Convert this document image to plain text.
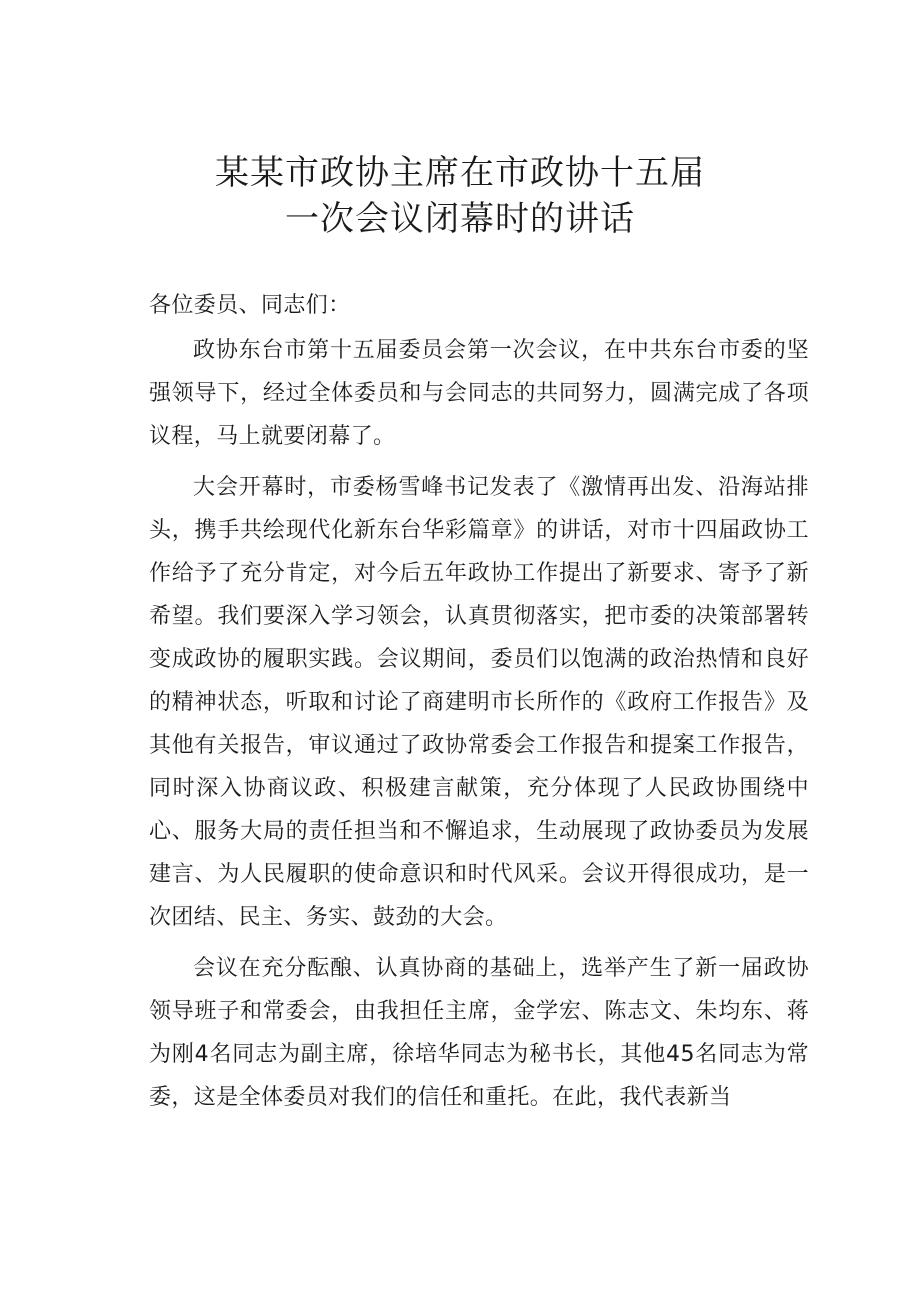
某某市政协主席在市政协十五届
一次会议闭幕时的讲话

各位委员、同志们：

政协东台市第十五届委员会第一次会议，在中共东台市委的坚强领导下，经过全体委员和与会同志的共同努力，圆满完成了各项议程，马上就要闭幕了。

大会开幕时，市委杨雪峰书记发表了《激情再出发、沿海站排头，携手共绘现代化新东台华彩篇章》的讲话，对市十四届政协工作给予了充分肯定，对今后五年政协工作提出了新要求、寄予了新希望。我们要深入学习领会，认真贯彻落实，把市委的决策部署转变成政协的履职实践。会议期间，委员们以饱满的政治热情和良好的精神状态，听取和讨论了商建明市长所作的《政府工作报告》及其他有关报告，审议通过了政协常委会工作报告和提案工作报告，同时深入协商议政、积极建言献策，充分体现了人民政协围绕中心、服务大局的责任担当和不懈追求，生动展现了政协委员为发展建言、为人民履职的使命意识和时代风采。会议开得很成功，是一次团结、民主、务实、鼓劲的大会。

会议在充分酝酿、认真协商的基础上，选举产生了新一届政协领导班子和常委会，由我担任主席，金学宏、陈志文、朱均东、蒋为刚4名同志为副主席，徐培华同志为秘书长，其他45名同志为常委，这是全体委员对我们的信任和重托。在此，我代表新当
